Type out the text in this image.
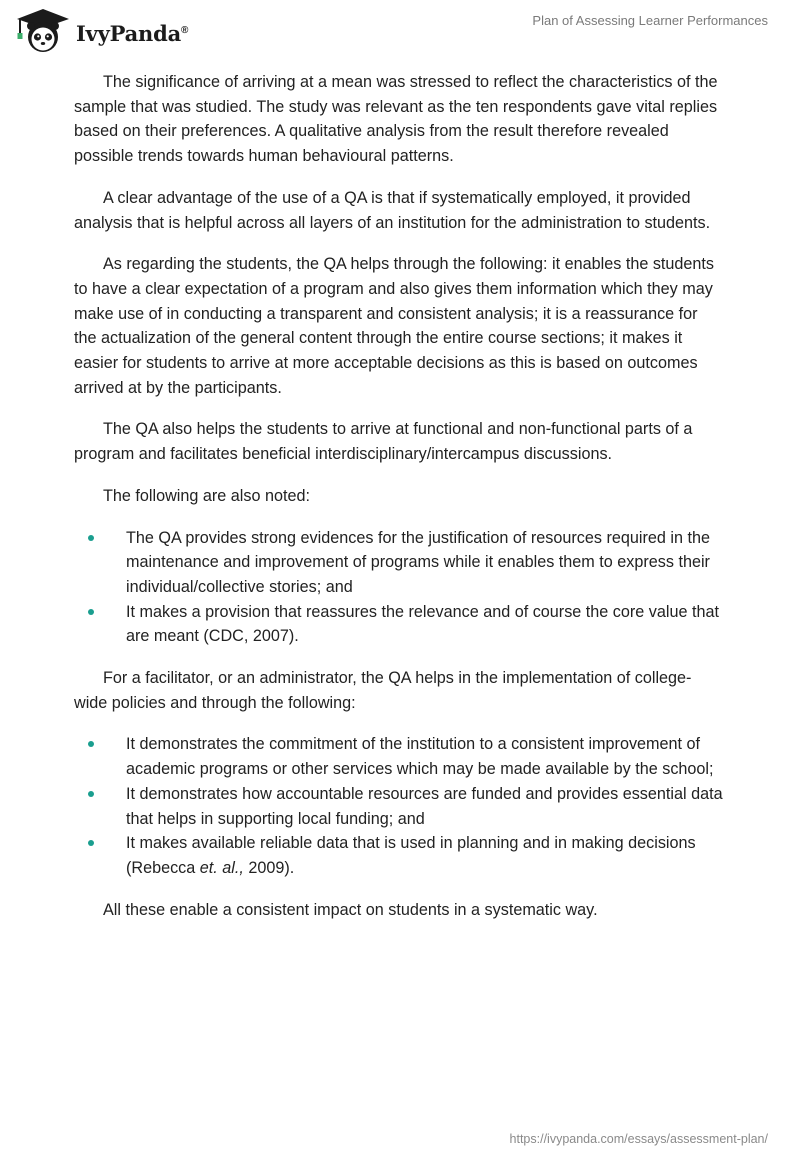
IvyPanda®
Plan of Assessing Learner Performances

The significance of arriving at a mean was stressed to reflect the characteristics of the sample that was studied. The study was relevant as the ten respondents gave vital replies based on their preferences. A qualitative analysis from the result therefore revealed possible trends towards human behavioural patterns.

A clear advantage of the use of a QA is that if systematically employed, it provided analysis that is helpful across all layers of an institution for the administration to students.

As regarding the students, the QA helps through the following: it enables the students to have a clear expectation of a program and also gives them information which they may make use of in conducting a transparent and consistent analysis; it is a reassurance for the actualization of the general content through the entire course sections; it makes it easier for students to arrive at more acceptable decisions as this is based on outcomes arrived at by the participants.

The QA also helps the students to arrive at functional and non-functional parts of a program and facilitates beneficial interdisciplinary/intercampus discussions.

The following are also noted:

The QA provides strong evidences for the justification of resources required in the maintenance and improvement of programs while it enables them to express their individual/collective stories; and
It makes a provision that reassures the relevance and of course the core value that are meant (CDC, 2007).

For a facilitator, or an administrator, the QA helps in the implementation of college-wide policies and through the following:

It demonstrates the commitment of the institution to a consistent improvement of academic programs or other services which may be made available by the school;
It demonstrates how accountable resources are funded and provides essential data that helps in supporting local funding; and
It makes available reliable data that is used in planning and in making decisions (Rebecca et. al., 2009).

All these enable a consistent impact on students in a systematic way.

https://ivypanda.com/essays/assessment-plan/
